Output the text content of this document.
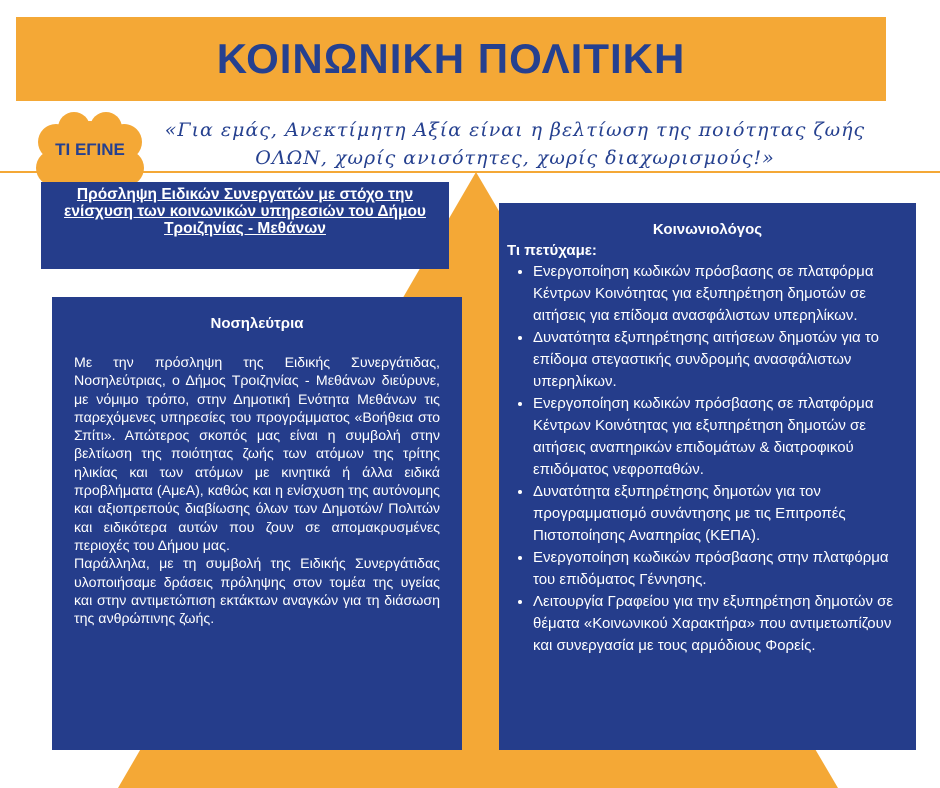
ΚΟΙΝΩΝΙΚΗ ΠΟΛΙΤΙΚΗ
ΤΙ ΕΓΙΝΕ
«Για εμάς, Ανεκτίμητη Αξία είναι η βελτίωση της ποιότητας ζωής ΟΛΩΝ, χωρίς ανισότητες, χωρίς διαχωρισμούς!»
Πρόσληψη Ειδικών Συνεργατών με στόχο την ενίσχυση των κοινωνικών υπηρεσιών του Δήμου Τροιζηνίας - Μεθάνων
Νοσηλεύτρια

Με την πρόσληψη της Ειδικής Συνεργάτιδας, Νοσηλεύτριας, ο Δήμος Τροιζηνίας - Μεθάνων διεύρυνε, με νόμιμο τρόπο, στην Δημοτική Ενότητα Μεθάνων τις παρεχόμενες υπηρεσίες του προγράμματος «Βοήθεια στο Σπίτι». Απώτερος σκοπός μας είναι η συμβολή στην βελτίωση της ποιότητας ζωής των ατόμων της τρίτης ηλικίας και των ατόμων με κινητικά ή άλλα ειδικά προβλήματα (ΑμεΑ), καθώς και η ενίσχυση της αυτόνομης και αξιοπρεπούς διαβίωσης όλων των Δημοτών/ Πολιτών και ειδικότερα αυτών που ζουν σε απομακρυσμένες περιοχές του Δήμου μας.

Παράλληλα, με τη συμβολή της Ειδικής Συνεργάτιδας υλοποιήσαμε δράσεις πρόληψης στον τομέα της υγείας και στην αντιμετώπιση εκτάκτων αναγκών για τη διάσωση της ανθρώπινης ζωής.

Κοινωνιολόγος
Τι πετύχαμε:
• Ενεργοποίηση κωδικών πρόσβασης σε πλατφόρμα Κέντρων Κοινότητας για εξυπηρέτηση δημοτών σε αιτήσεις για επίδομα ανασφάλιστων υπερηλίκων.
• Δυνατότητα εξυπηρέτησης αιτήσεων δημοτών για το επίδομα στεγαστικής συνδρομής ανασφάλιστων υπερηλίκων.
• Ενεργοποίηση κωδικών πρόσβασης σε πλατφόρμα Κέντρων Κοινότητας για εξυπηρέτηση δημοτών σε αιτήσεις αναπηρικών επιδομάτων & διατροφικού επιδόματος νεφροπαθών.
• Δυνατότητα εξυπηρέτησης δημοτών για τον προγραμματισμό συνάντησης με τις Επιτροπές Πιστοποίησης Αναπηρίας (ΚΕΠΑ).
• Ενεργοποίηση κωδικών πρόσβασης στην πλατφόρμα του επιδόματος Γέννησης.
• Λειτουργία Γραφείου για την εξυπηρέτηση δημοτών σε θέματα «Κοινωνικού Χαρακτήρα» που αντιμετωπίζουν και συνεργασία με τους αρμόδιους Φορείς.
